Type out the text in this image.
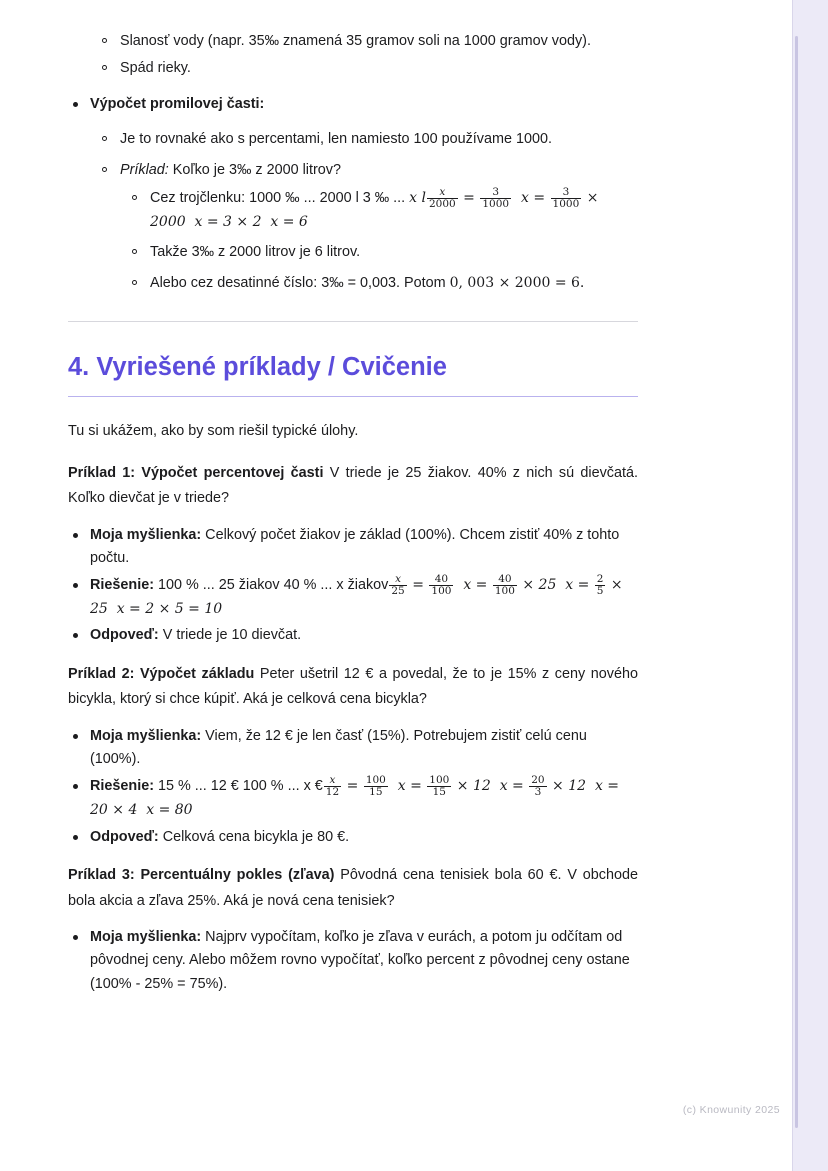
Slanosť vody (napr. 35‰ znamená 35 gramov soli na 1000 gramov vody).
Spád rieky.
Výpočet promilovej časti:
Je to rovnaké ako s percentami, len namiesto 100 používame 1000.
Príklad: Koľko je 3‰ z 2000 litrov?
Cez trojčlenku: 1000 ‰ ... 2000 l 3 ‰ ... x l $\frac{x}{2000} = \frac{3}{1000}$ $x = \frac{3}{1000} \times 2000$  x = 3 × 2  x = 6
Takže 3‰ z 2000 litrov je 6 litrov.
Alebo cez desatinné číslo: 3‰ = 0,003. Potom 0, 003 × 2000 = 6.
4. Vyriešené príklady / Cvičenie

Tu si ukážem, ako by som riešil typické úlohy.

Príklad 1: Výpočet percentovej časti V triede je 25 žiakov. 40% z nich sú dievčatá. Koľko dievčat je v triede?

Moja myšlienka: Celkový počet žiakov je základ (100%). Chcem zistiť 40% z tohto počtu.
Riešenie: 100 % ... 25 žiakov 40 % ... x žiakov $\frac{x}{25} = \frac{40}{100}$ $x = \frac{40}{100} \times 25$  $x = \frac{2}{5} \times 25$  x = 2 × 5 = 10
Odpoveď: V triede je 10 dievčat.

Príklad 2: Výpočet základu Peter ušetril 12 € a povedal, že to je 15% z ceny nového bicykla, ktorý si chce kúpiť. Aká je celková cena bicykla?

Moja myšlienka: Viem, že 12 € je len časť (15%). Potrebujem zistiť celú cenu (100%).
Riešenie: 15 % ... 12 € 100 % ... x € $\frac{x}{12} = \frac{100}{15}$ $x = \frac{100}{15} \times 12$  $x = \frac{20}{3} \times 12$  x = 20 × 4  x = 80
Odpoveď: Celková cena bicykla je 80 €.

Príklad 3: Percentuálny pokles (zľava) Pôvodná cena tenisiek bola 60 €. V obchode bola akcia a zľava 25%. Aká je nová cena tenisiek?

Moja myšlienka: Najprv vypočítam, koľko je zľava v eurách, a potom ju odčítam od pôvodnej ceny. Alebo môžem rovno vypočítať, koľko percent z pôvodnej ceny ostane (100% - 25% = 75%).
(c) Knowunity 2025
